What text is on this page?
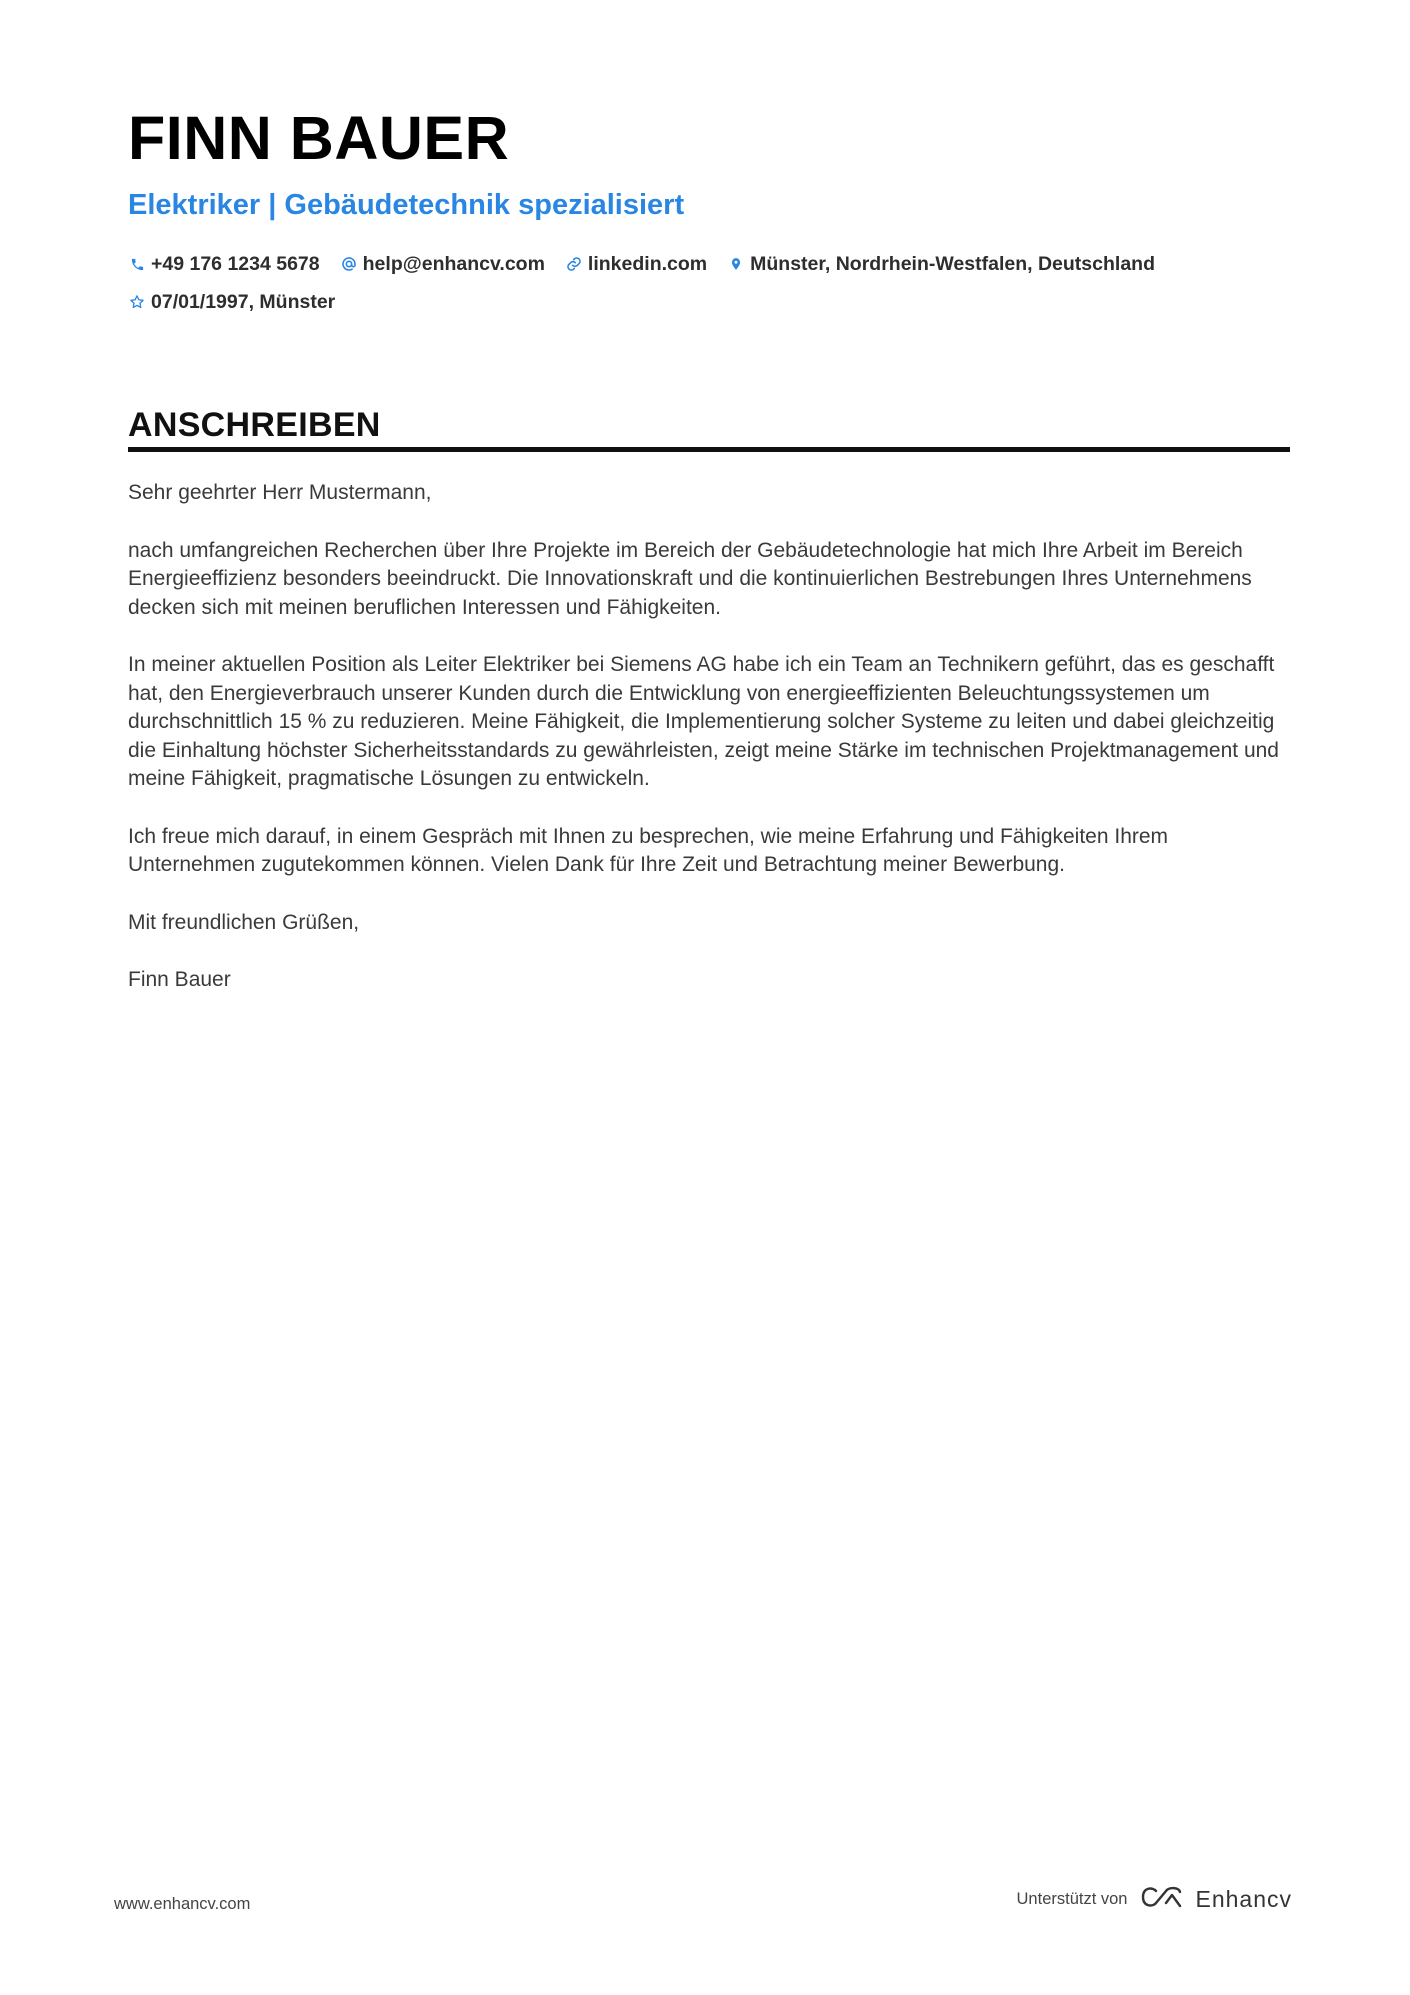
FINN BAUER
Elektriker | Gebäudetechnik spezialisiert
+49 176 1234 5678 help@enhancv.com linkedin.com Münster, Nordrhein-Westfalen, Deutschland
07/01/1997, Münster
ANSCHREIBEN

Sehr geehrter Herr Mustermann,

nach umfangreichen Recherchen über Ihre Projekte im Bereich der Gebäudetechnologie hat mich Ihre Arbeit im Bereich Energieeffizienz besonders beeindruckt. Die Innovationskraft und die kontinuierlichen Bestrebungen Ihres Unternehmens decken sich mit meinen beruflichen Interessen und Fähigkeiten.

In meiner aktuellen Position als Leiter Elektriker bei Siemens AG habe ich ein Team an Technikern geführt, das es geschafft hat, den Energieverbrauch unserer Kunden durch die Entwicklung von energieeffizienten Beleuchtungssystemen um durchschnittlich 15 % zu reduzieren. Meine Fähigkeit, die Implementierung solcher Systeme zu leiten und dabei gleichzeitig die Einhaltung höchster Sicherheitsstandards zu gewährleisten, zeigt meine Stärke im technischen Projektmanagement und meine Fähigkeit, pragmatische Lösungen zu entwickeln.

Ich freue mich darauf, in einem Gespräch mit Ihnen zu besprechen, wie meine Erfahrung und Fähigkeiten Ihrem Unternehmen zugutekommen können. Vielen Dank für Ihre Zeit und Betrachtung meiner Bewerbung.

Mit freundlichen Grüßen,

Finn Bauer

www.enhancv.com	Unterstützt von	Enhancv
